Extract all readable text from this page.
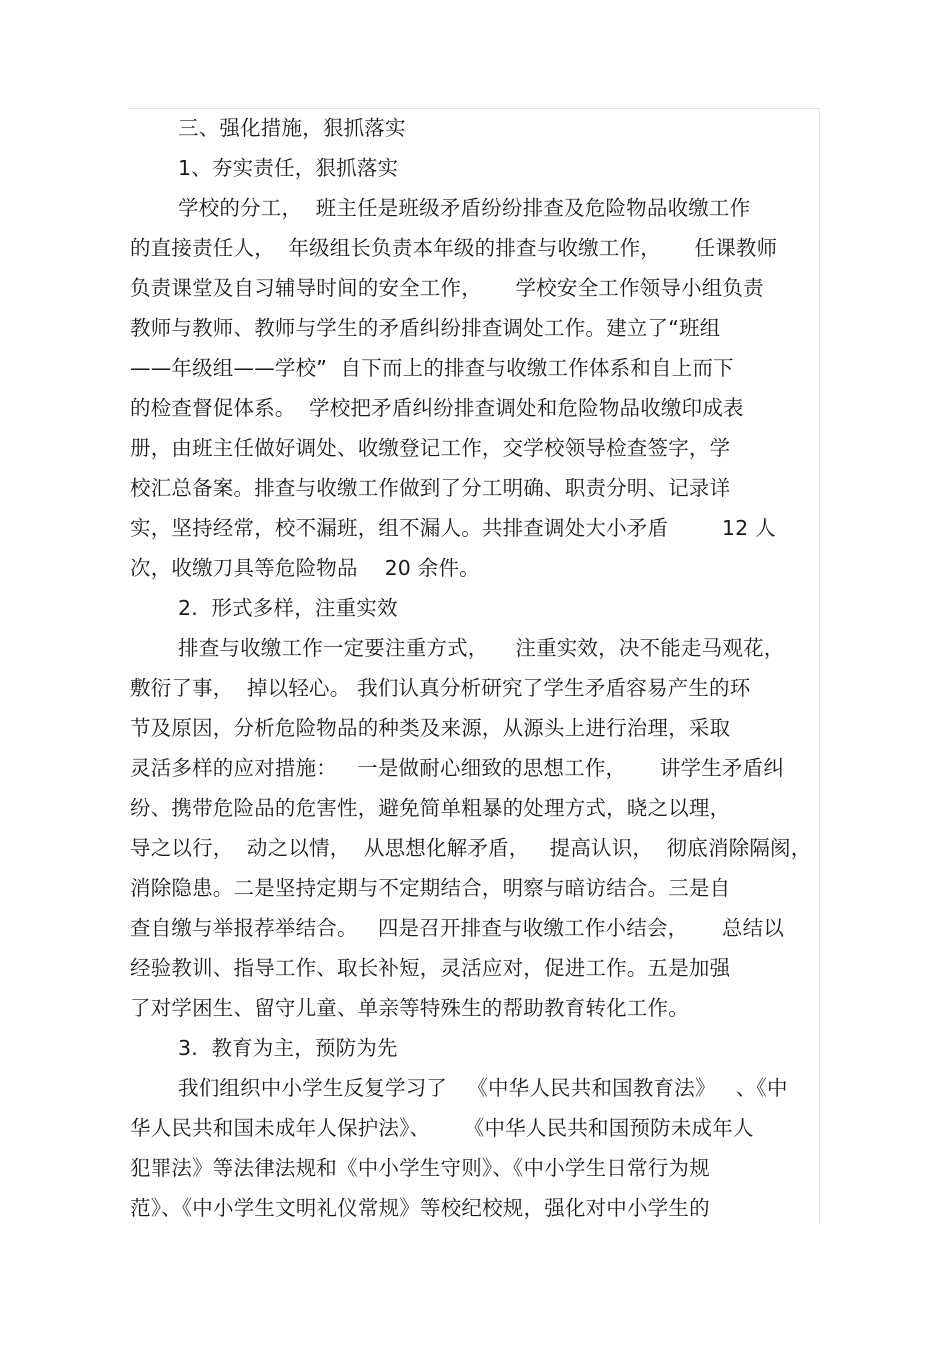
三、强化措施，狠抓落实
1、夯实责任，狠抓落实
学校的分工，  班主任是班级矛盾纷纷排查及危险物品收缴工作
的直接责任人，  年级组长负责本年级的排查与收缴工作，     任课教师
负责课堂及自习辅导时间的安全工作，     学校安全工作领导小组负责
教师与教师、教师与学生的矛盾纠纷排查调处工作。建立了“班组
——年级组——学校”  自下而上的排查与收缴工作体系和自上而下
的检查督促体系。  学校把矛盾纠纷排查调处和危险物品收缴印成表
册，由班主任做好调处、收缴登记工作，交学校领导检查签字，学
校汇总备案。排查与收缴工作做到了分工明确、职责分明、记录详
实，坚持经常，校不漏班，组不漏人。共排查调处大小矛盾        12 人
次，收缴刀具等危险物品    20 余件。
2.  形式多样，注重实效
排查与收缴工作一定要注重方式，    注重实效，决不能走马观花，
敷衍了事，  掉以轻心。 我们认真分析研究了学生矛盾容易产生的环
节及原因，分析危险物品的种类及来源，从源头上进行治理，采取
灵活多样的应对措施：   一是做耐心细致的思想工作，     讲学生矛盾纠
纷、携带危险品的危害性，避免简单粗暴的处理方式，晓之以理，
导之以行，  动之以情，  从思想化解矛盾，   提高认识，  彻底消除隔阂，
消除隐患。二是坚持定期与不定期结合，明察与暗访结合。三是自
查自缴与举报荐举结合。   四是召开排查与收缴工作小结会，     总结以
经验教训、指导工作、取长补短，灵活应对，促进工作。五是加强
了对学困生、留守儿童、单亲等特殊生的帮助教育转化工作。
3.  教育为主，预防为先
我们组织中小学生反复学习了   《中华人民共和国教育法》   、《中
华人民共和国未成年人保护法》、     《中华人民共和国预防未成年人
犯罪法》等法律法规和《中小学生守则》、《中小学生日常行为规
范》、《中小学生文明礼仪常规》等校纪校规，强化对中小学生的
